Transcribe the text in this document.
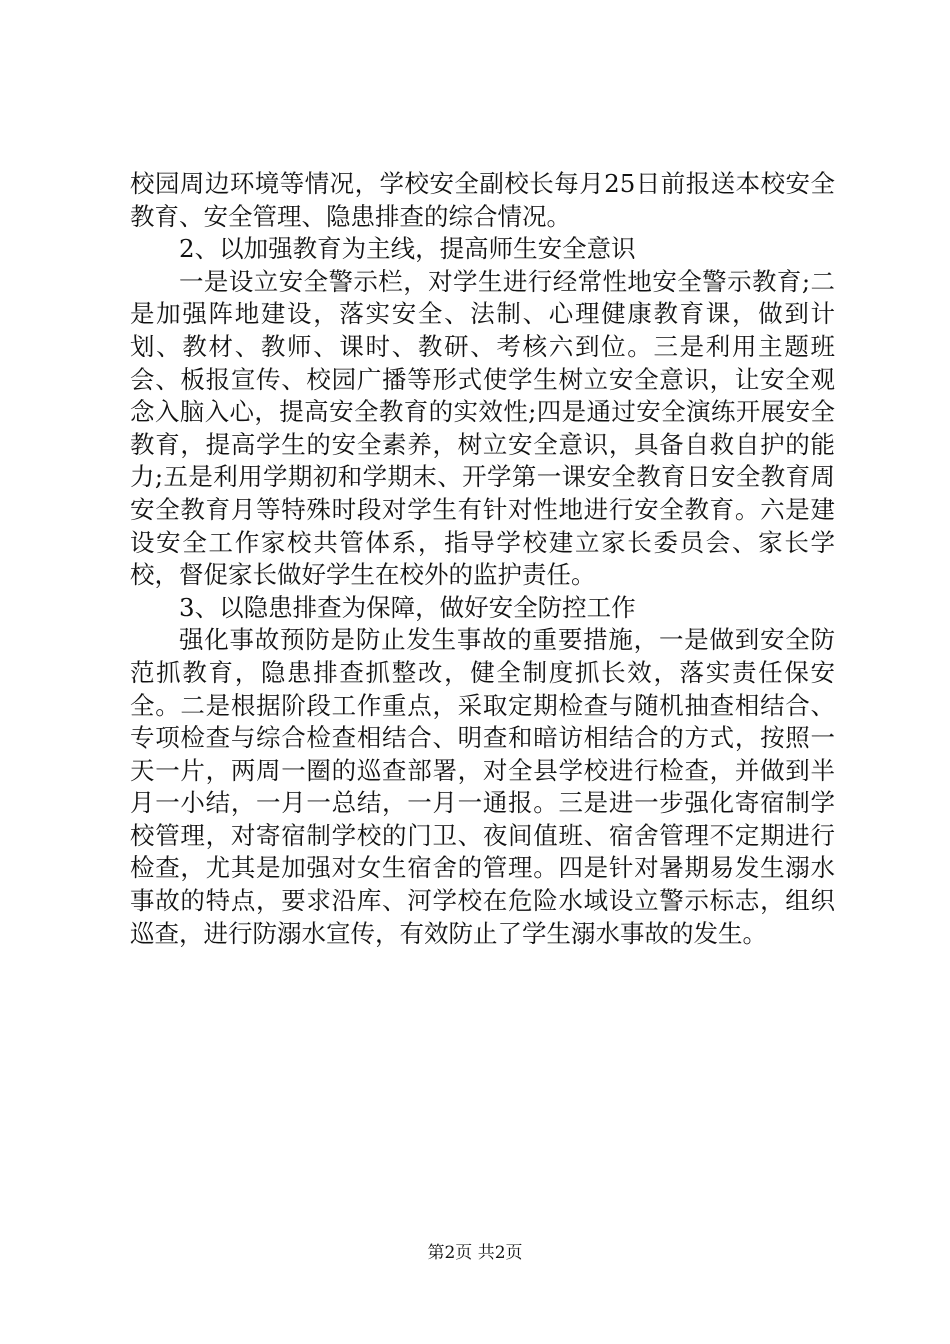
校园周边环境等情况，学校安全副校长每月25日前报送本校安全教育、安全管理、隐患排查的综合情况。

2、以加强教育为主线，提高师生安全意识

一是设立安全警示栏，对学生进行经常性地安全警示教育;二是加强阵地建设，落实安全、法制、心理健康教育课，做到计划、教材、教师、课时、教研、考核六到位。三是利用主题班会、板报宣传、校园广播等形式使学生树立安全意识，让安全观念入脑入心，提高安全教育的实效性;四是通过安全演练开展安全教育，提高学生的安全素养，树立安全意识，具备自救自护的能力;五是利用学期初和学期末、开学第一课安全教育日安全教育周安全教育月等特殊时段对学生有针对性地进行安全教育。六是建设安全工作家校共管体系，指导学校建立家长委员会、家长学校，督促家长做好学生在校外的监护责任。

3、以隐患排查为保障，做好安全防控工作

强化事故预防是防止发生事故的重要措施，一是做到安全防范抓教育，隐患排查抓整改，健全制度抓长效，落实责任保安全。二是根据阶段工作重点，采取定期检查与随机抽查相结合、专项检查与综合检查相结合、明查和暗访相结合的方式，按照一天一片，两周一圈的巡查部署，对全县学校进行检查，并做到半月一小结，一月一总结，一月一通报。三是进一步强化寄宿制学校管理，对寄宿制学校的门卫、夜间值班、宿舍管理不定期进行检查，尤其是加强对女生宿舍的管理。四是针对暑期易发生溺水事故的特点，要求沿库、河学校在危险水域设立警示标志，组织巡查，进行防溺水宣传，有效防止了学生溺水事故的发生。

第2页 共2页
